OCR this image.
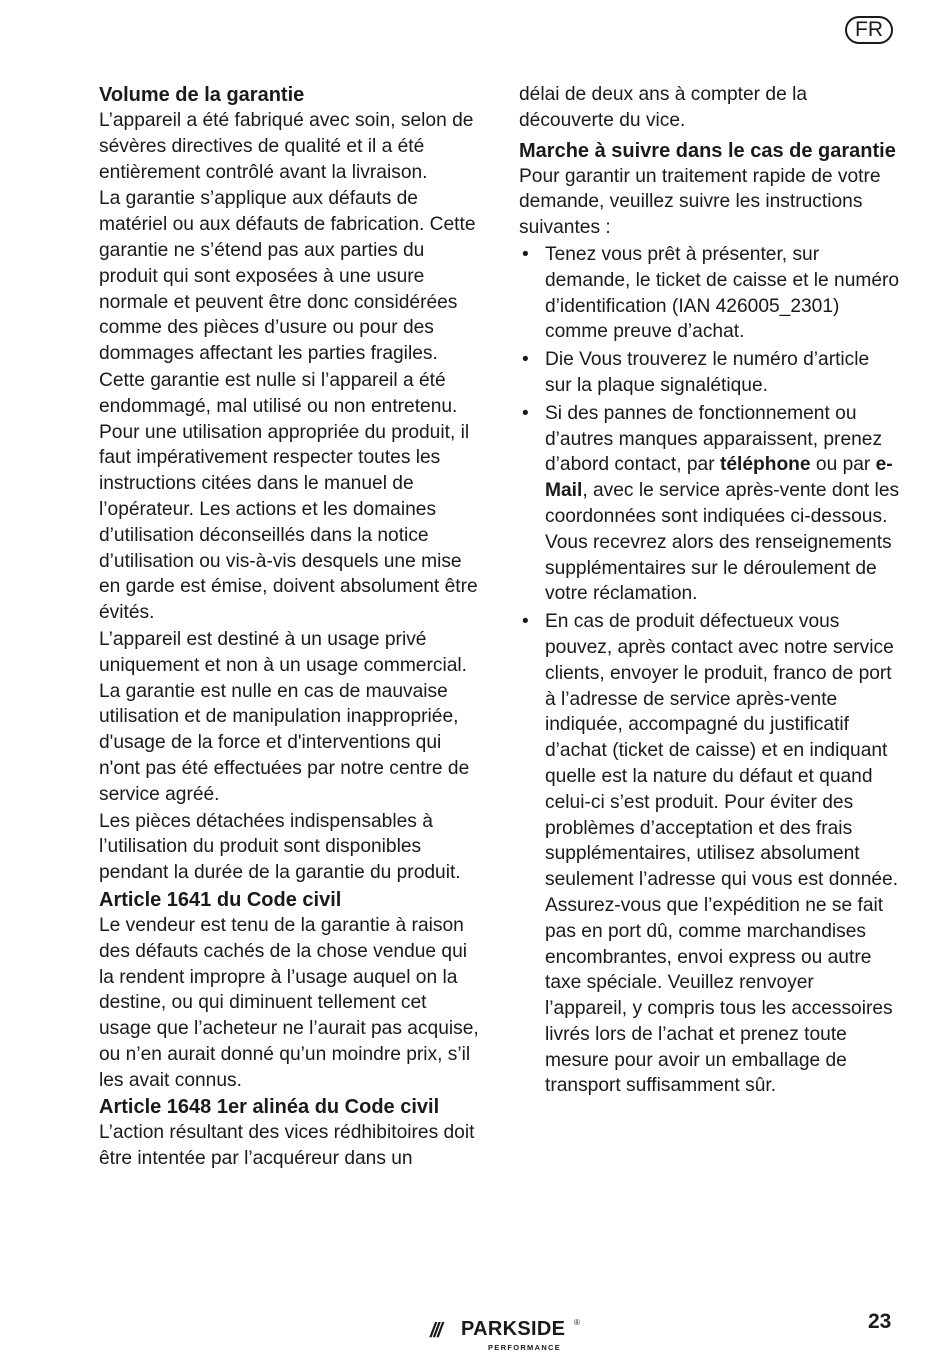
FR
Volume de la garantie

L’appareil a été fabriqué avec soin, selon de sévères directives de qualité et il a été entièrement contrôlé avant la livraison.

La garantie s’applique aux défauts de matériel ou aux défauts de fabrication. Cette garantie ne s’étend pas aux parties du produit qui sont exposées à une usure normale et peuvent être donc considérées comme des pièces d’usure ou pour des dommages affectant les parties fragiles.

Cette garantie est nulle si l’appareil a été endommagé, mal utilisé ou non entretenu. Pour une utilisation appropriée du produit, il faut impérativement respecter toutes les instructions citées dans le manuel de l’opérateur. Les actions et les domaines d’utilisation déconseillés dans la notice d’utilisation ou vis-à-vis desquels une mise en garde est émise, doivent absolument être évités.

L’appareil est destiné à un usage privé uniquement et non à un usage commercial. La garantie est nulle en cas de mauvaise utilisation et de manipulation inappropriée, d'usage de la force et d'interventions qui n'ont pas été effectuées par notre centre de service agréé.

Les pièces détachées indispensables à l’utilisation du produit sont disponibles pendant la durée de la garantie du produit.

Article 1641 du Code civil

Le vendeur est tenu de la garantie à raison des défauts cachés de la chose vendue qui la rendent impropre à l’usage auquel on la destine, ou qui diminuent tellement cet usage que l’acheteur ne l’aurait pas acquise, ou n’en aurait donné qu’un moindre prix, s’il les avait connus.

Article 1648 1er alinéa du Code civil

L’action résultant des vices rédhibitoires doit être intentée par l’acquéreur dans un

délai de deux ans à compter de la découverte du vice.

Marche à suivre dans le cas de garantie

Pour garantir un traitement rapide de votre demande, veuillez suivre les instructions suivantes :

• Tenez vous prêt à présenter, sur demande, le ticket de caisse et le numéro d’identification (IAN 426005_2301) comme preuve d’achat.
• Die Vous trouverez le numéro d’article sur la plaque signalétique.
• Si des pannes de fonctionnement ou d’autres manques apparaissent, prenez d’abord contact, par téléphone ou par e-Mail, avec le service après-vente dont les coordonnées sont indiquées ci-dessous. Vous recevrez alors des renseignements supplémentaires sur le déroulement de votre réclamation.
• En cas de produit défectueux vous pouvez, après contact avec notre service clients, envoyer le produit, franco de port à l’adresse de service après-vente indiquée, accompagné du justificatif d’achat (ticket de caisse) et en indiquant quelle est la nature du défaut et quand celui-ci s’est produit. Pour éviter des problèmes d’acceptation et des frais supplémentaires, utilisez absolument seulement l’adresse qui vous est donnée. Assurez-vous que l’expédition ne se fait pas en port dû, comme marchandises encombrantes, envoi express ou autre taxe spéciale. Veuillez renvoyer l’appareil, y compris tous les accessoires livrés lors de l’achat et prenez toute mesure pour avoir un emballage de transport suffisamment sûr.
/// PARKSIDE ®
PERFORMANCE
23
